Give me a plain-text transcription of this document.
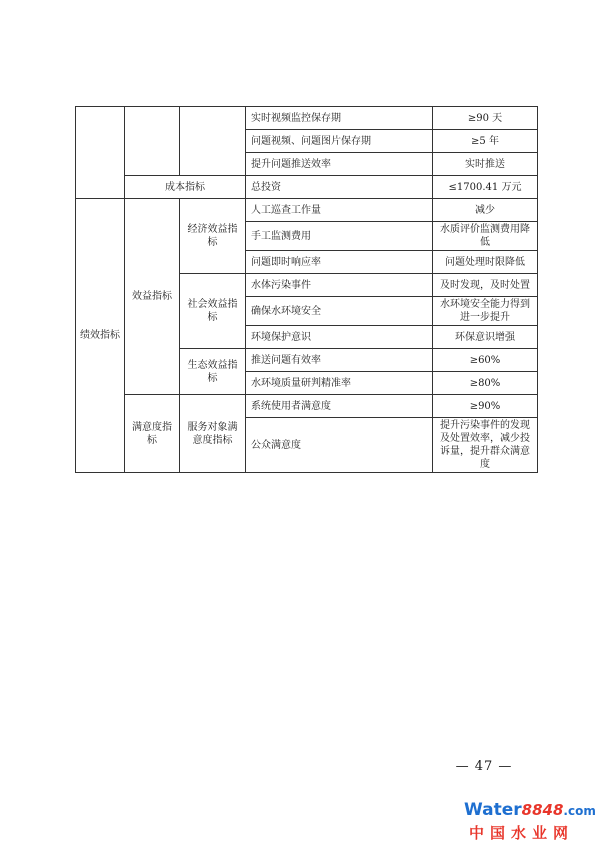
			实时视频监控保存期	≥90 天
			问题视频、问题图片保存期	≥5 年
			提升问题推送效率	实时推送
	成本指标		总投资	≤1700.41 万元
绩效指标	效益指标	经济效益指标	人工巡查工作量	减少
			手工监测费用	水质评价监测费用降低
			问题即时响应率	问题处理时限降低
		社会效益指标	水体污染事件	及时发现，及时处置
			确保水环境安全	水环境安全能力得到进一步提升
			环境保护意识	环保意识增强
		生态效益指标	推送问题有效率	≥60%
			水环境质量研判精准率	≥80%
	满意度指标	服务对象满意度指标	系统使用者满意度	≥90%
			公众满意度	提升污染事件的发现及处置效率，减少投诉量，提升群众满意度
— 47 —
Water8848.com
中国水业网
